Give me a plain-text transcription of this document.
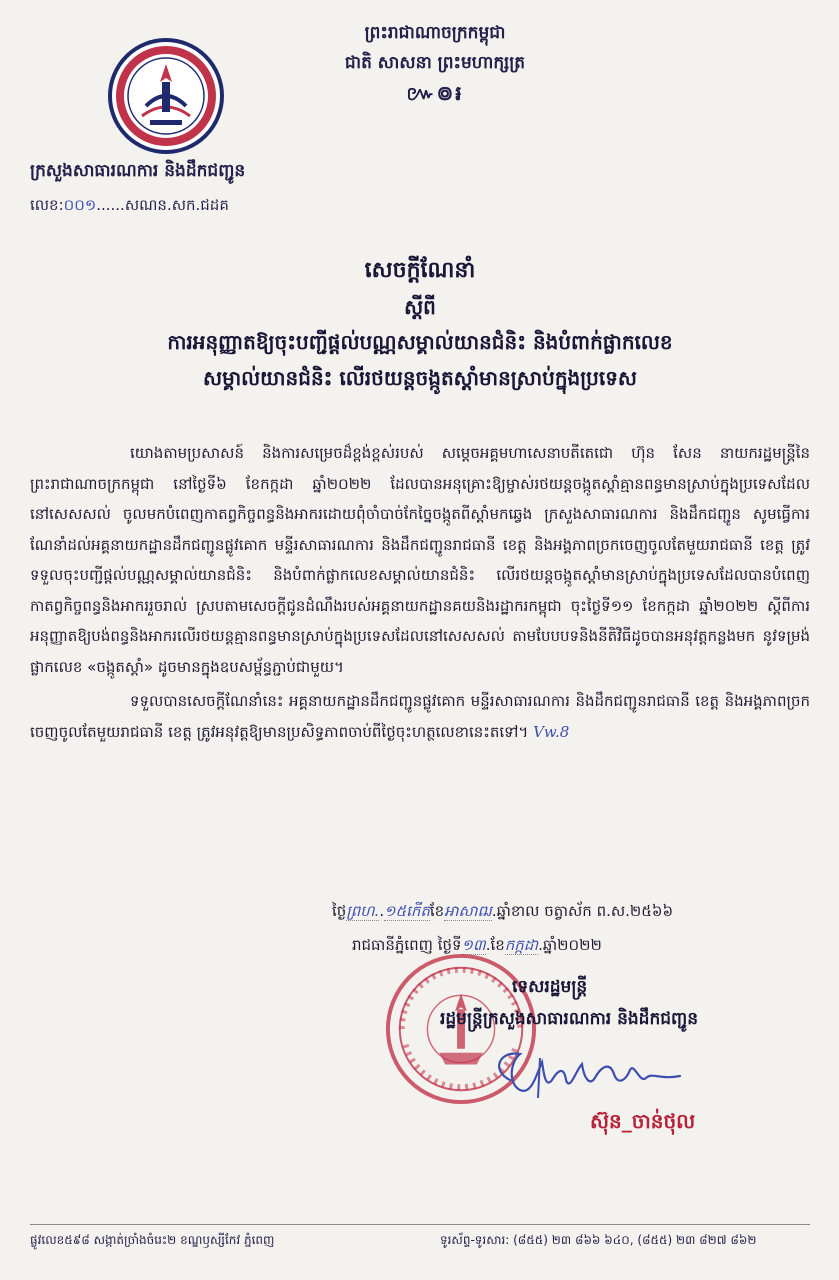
ព្រះរាជាណាចក្រកម្ពុជា
ជាតិ សាសនា ព្រះមហាក្សត្រ
៚៙៛
ក្រសួងសាធារណការ និងដឹកជញ្ជូន
លេខ:០០១......សណន.សក.ជដគ
សេចក្តីណែនាំ
ស្តីពី
ការអនុញ្ញាតឱ្យចុះបញ្ជីផ្តល់បណ្ណសម្គាល់យានជំនិះ និងបំពាក់ផ្លាកលេខ
សម្គាល់យានជំនិះ លើរថយន្តចង្កូតស្តាំមានស្រាប់ក្នុងប្រទេស

យោងតាមប្រសាសន៍ និងការសម្រេចដ៏ខ្ពង់ខ្ពស់របស់ សម្តេចអគ្គមហាសេនាបតីតេជោ ហ៊ុន សែន នាយករដ្ឋមន្ត្រីនៃព្រះរាជាណាចក្រកម្ពុជា នៅថ្ងៃទី៦ ខែកក្កដា ឆ្នាំ២០២២ ដែលបានអនុគ្រោះឱ្យម្ចាស់រថយន្តចង្កូតស្តាំគ្មានពន្ធមានស្រាប់ក្នុងប្រទេសដែលនៅសេសសល់ ចូលមកបំពេញកាតព្វកិច្ចពន្ធនិងអាករដោយពុំចាំបាច់កែច្នៃចង្កូតពីស្តាំមកឆ្វេង ក្រសួងសាធារណការ និងដឹកជញ្ជូន សូមធ្វើការណែនាំដល់អគ្គនាយកដ្ឋានដឹកជញ្ជូនផ្លូវគោក មន្ទីរសាធារណការ និងដឹកជញ្ជូនរាជធានី ខេត្ត និងអង្គភាពច្រកចេញចូលតែមួយរាជធានី ខេត្ត ត្រូវទទួលចុះបញ្ជីផ្តល់បណ្ណសម្គាល់យានជំនិះ និងបំពាក់ផ្លាកលេខសម្គាល់យានជំនិះ លើរថយន្តចង្កូតស្តាំមានស្រាប់ក្នុងប្រទេសដែលបានបំពេញកាតព្វកិច្ចពន្ធនិងអាកររួចរាល់ ស្របតាមសេចក្តីជូនដំណឹងរបស់អគ្គនាយកដ្ឋានគយនិងរដ្ឋាករកម្ពុជា ចុះថ្ងៃទី១១ ខែកក្កដា ឆ្នាំ២០២២ ស្តីពីការអនុញ្ញាតឱ្យបង់ពន្ធនិងអាករលើរថយន្តគ្មានពន្ធមានស្រាប់ក្នុងប្រទេសដែលនៅសេសសល់ តាមបែបបទនិងនីតិវិធីដូចបានអនុវត្តកន្លងមក នូវទម្រង់ផ្លាកលេខ «ចង្កូតស្តាំ» ដូចមានក្នុងឧបសម្ព័ន្ធភ្ជាប់ជាមួយ។

ទទួលបានសេចក្តីណែនាំនេះ អគ្គនាយកដ្ឋានដឹកជញ្ជូនផ្លូវគោក មន្ទីរសាធារណការ និងដឹកជញ្ជូនរាជធានី ខេត្ត និងអង្គភាពច្រកចេញចូលតែមួយរាជធានី ខេត្ត ត្រូវអនុវត្តឱ្យមានប្រសិទ្ធភាពចាប់ពីថ្ងៃចុះហត្ថលេខានេះតទៅ។ Vw.8

ថ្ងៃព្រហ..១៥កើតខែអាសាឍ.ឆ្នាំខាល ចត្វាស័ក ព.ស.២៥៦៦
រាជធានីភ្នំពេញ ថ្ងៃទី១៣.ខែកក្កដា.ឆ្នាំ២០២២
ទេសរដ្ឋមន្ត្រី
រដ្ឋមន្ត្រីក្រសួងសាធារណការ និងដឹកជញ្ជូន
ស៊ុន_ចាន់ថុល
ផ្លូវលេខ៥៩៨ សង្កាត់ច្រាំងចំរេះ២ ខណ្ឌឫស្សីកែវ ភ្នំពេញ	ទូរស័ព្ទ-ទូរសារ: (៨៥៥) ២៣ ៨៦៦ ៦៤០, (៨៥៥) ២៣ ៨២៧ ៨៦២
